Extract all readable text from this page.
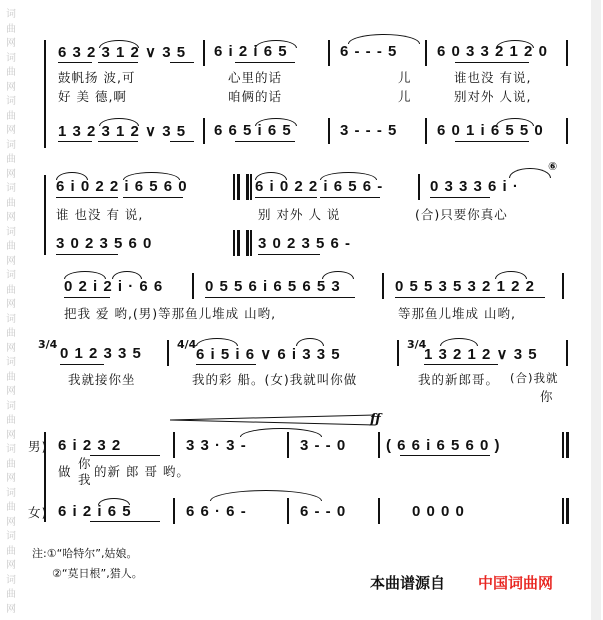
词
曲
网
词
曲
网
词
曲
网
词
曲
网
词
曲
网
词
曲
网
词
曲
网
词
曲
网
词
曲
网
词
曲
网
词
曲
网
词
曲
网
词
曲
网
词
曲
网
6 3 2 3 1 2 ∨ 3 5 6 i 2 i 6 5	6 - - - 5	6 0 3 3 2 1 2 0
鼓帆扬 波,可	心里的话	儿	谁也没 有说,
好 美 德,啊	咱俩的话	儿	别对外 人说,
1 3 2 3 1 2 ∨ 3 5 6 6 5 i 6 5	3 - - - 5	6 0 1 i 6 5 5 0
6 i 0 2 2 i 6 5 6 0	6 i 0 2 2 i 6 5 6 -	0 3 3 3 6 i ·
⑥
谁 也没 有 说,	别 对外 人 说	(合)只要你真心
3 0 2 3 5 6 0	3 0 2 3 5 6 -
0 2 i 2 i · 6 6	0 5 5 6 i 6 5 6 5 3	0 5 5 3 5 3 2 1 2 2
把我 爱 哟,(男)等那鱼儿堆成 山哟,	等那鱼儿堆成 山哟,
3/4	4/4	3/4
0 1 2 3 3 5	6 i 5 i 6 ∨ 6 i 3 3 5	1 3 2 1 2 ∨ 3 5
我就接你坐	我的彩 船。(女)我就叫你做	我的新郎哥。 (合)我就
你
ff
男) 6 i 2 3 2	3 3 · 3 -	3 - - 0	( 6 6 i 6 5 6 0 )
做
你
的新 郎 哥 哟。
我
女) 6 i 2 i 6 5	6 6 · 6 -	6 - - 0	0 0 0 0
注:①“哈特尔”,姑娘。
②“莫日根”,猎人。
本曲谱源自 中国词曲网
